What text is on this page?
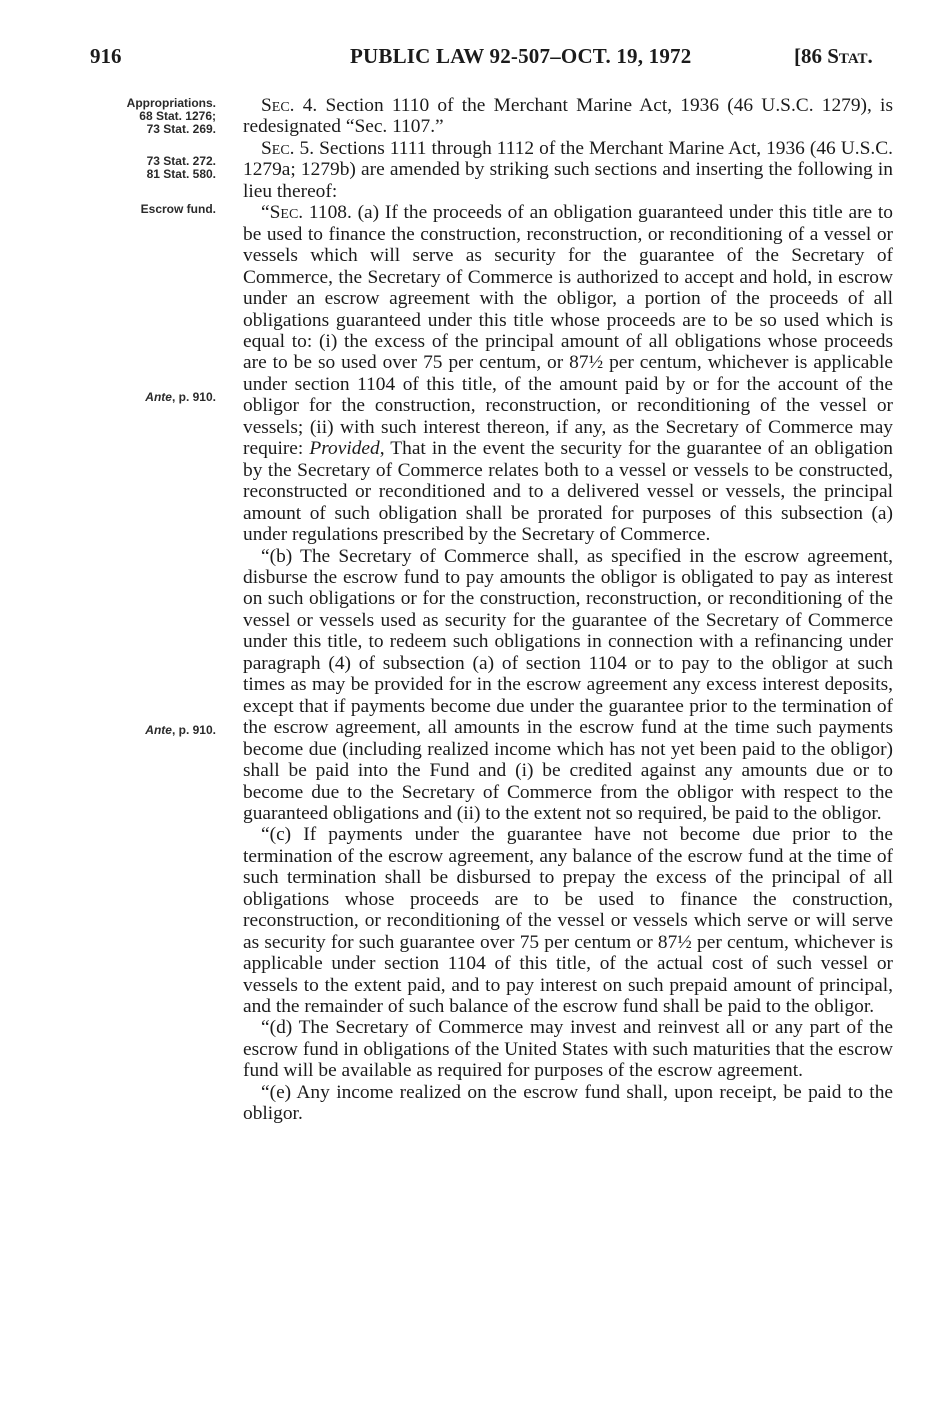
916	PUBLIC LAW 92-507–OCT. 19, 1972	[86 Stat.
Appropriations.
68 Stat. 1276;
73 Stat. 269.
73 Stat. 272.
81 Stat. 580.
Escrow fund.
Ante, p. 910.
Ante, p. 910.

Sec. 4. Section 1110 of the Merchant Marine Act, 1936 (46 U.S.C. 1279), is redesignated “Sec. 1107.”

Sec. 5. Sections 1111 through 1112 of the Merchant Marine Act, 1936 (46 U.S.C. 1279a; 1279b) are amended by striking such sections and inserting the following in lieu thereof:

“Sec. 1108. (a) If the proceeds of an obligation guaranteed under this title are to be used to finance the construction, reconstruction, or reconditioning of a vessel or vessels which will serve as security for the guarantee of the Secretary of Commerce, the Secretary of Commerce is authorized to accept and hold, in escrow under an escrow agreement with the obligor, a portion of the proceeds of all obligations guaranteed under this title whose proceeds are to be so used which is equal to: (i) the excess of the principal amount of all obligations whose proceeds are to be so used over 75 per centum, or 87½ per centum, whichever is applicable under section 1104 of this title, of the amount paid by or for the account of the obligor for the construction, reconstruction, or reconditioning of the vessel or vessels; (ii) with such interest thereon, if any, as the Secretary of Commerce may require: Provided, That in the event the security for the guarantee of an obligation by the Secretary of Commerce relates both to a vessel or vessels to be constructed, reconstructed or reconditioned and to a delivered vessel or vessels, the principal amount of such obligation shall be prorated for purposes of this subsection (a) under regulations prescribed by the Secretary of Commerce.

“(b) The Secretary of Commerce shall, as specified in the escrow agreement, disburse the escrow fund to pay amounts the obligor is obligated to pay as interest on such obligations or for the construction, reconstruction, or reconditioning of the vessel or vessels used as security for the guarantee of the Secretary of Commerce under this title, to redeem such obligations in connection with a refinancing under paragraph (4) of subsection (a) of section 1104 or to pay to the obligor at such times as may be provided for in the escrow agreement any excess interest deposits, except that if payments become due under the guarantee prior to the termination of the escrow agreement, all amounts in the escrow fund at the time such payments become due (including realized income which has not yet been paid to the obligor) shall be paid into the Fund and (i) be credited against any amounts due or to become due to the Secretary of Commerce from the obligor with respect to the guaranteed obligations and (ii) to the extent not so required, be paid to the obligor.

“(c) If payments under the guarantee have not become due prior to the termination of the escrow agreement, any balance of the escrow fund at the time of such termination shall be disbursed to prepay the excess of the principal of all obligations whose proceeds are to be used to finance the construction, reconstruction, or reconditioning of the vessel or vessels which serve or will serve as security for such guarantee over 75 per centum or 87½ per centum, whichever is applicable under section 1104 of this title, of the actual cost of such vessel or vessels to the extent paid, and to pay interest on such prepaid amount of principal, and the remainder of such balance of the escrow fund shall be paid to the obligor.

“(d) The Secretary of Commerce may invest and reinvest all or any part of the escrow fund in obligations of the United States with such maturities that the escrow fund will be available as required for purposes of the escrow agreement.

“(e) Any income realized on the escrow fund shall, upon receipt, be paid to the obligor.
